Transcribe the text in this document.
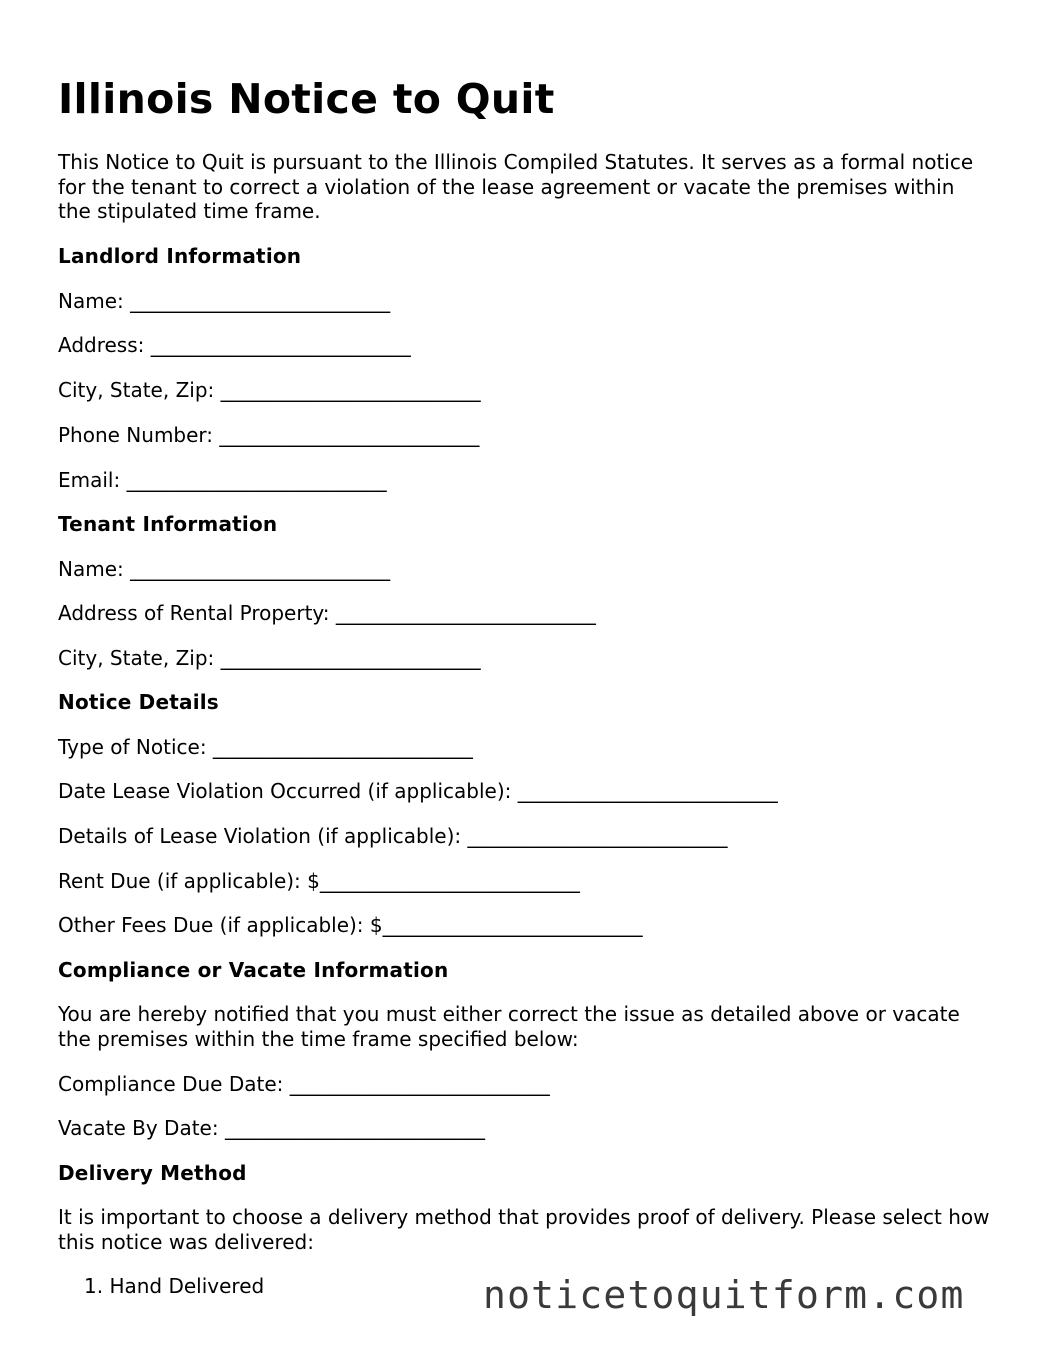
Illinois Notice to Quit

This Notice to Quit is pursuant to the Illinois Compiled Statutes. It serves as a formal notice for the tenant to correct a violation of the lease agreement or vacate the premises within the stipulated time frame.

Landlord Information

Name: __________________________

Address: __________________________

City, State, Zip: __________________________

Phone Number: __________________________

Email: __________________________

Tenant Information

Name: __________________________

Address of Rental Property: __________________________

City, State, Zip: __________________________

Notice Details

Type of Notice: __________________________

Date Lease Violation Occurred (if applicable): __________________________

Details of Lease Violation (if applicable): __________________________

Rent Due (if applicable): $__________________________

Other Fees Due (if applicable): $__________________________

Compliance or Vacate Information

You are hereby notified that you must either correct the issue as detailed above or vacate the premises within the time frame specified below:

Compliance Due Date: __________________________

Vacate By Date: __________________________

Delivery Method

It is important to choose a delivery method that provides proof of delivery. Please select how this notice was delivered:

1. Hand Delivered	noticetoquitform.com
